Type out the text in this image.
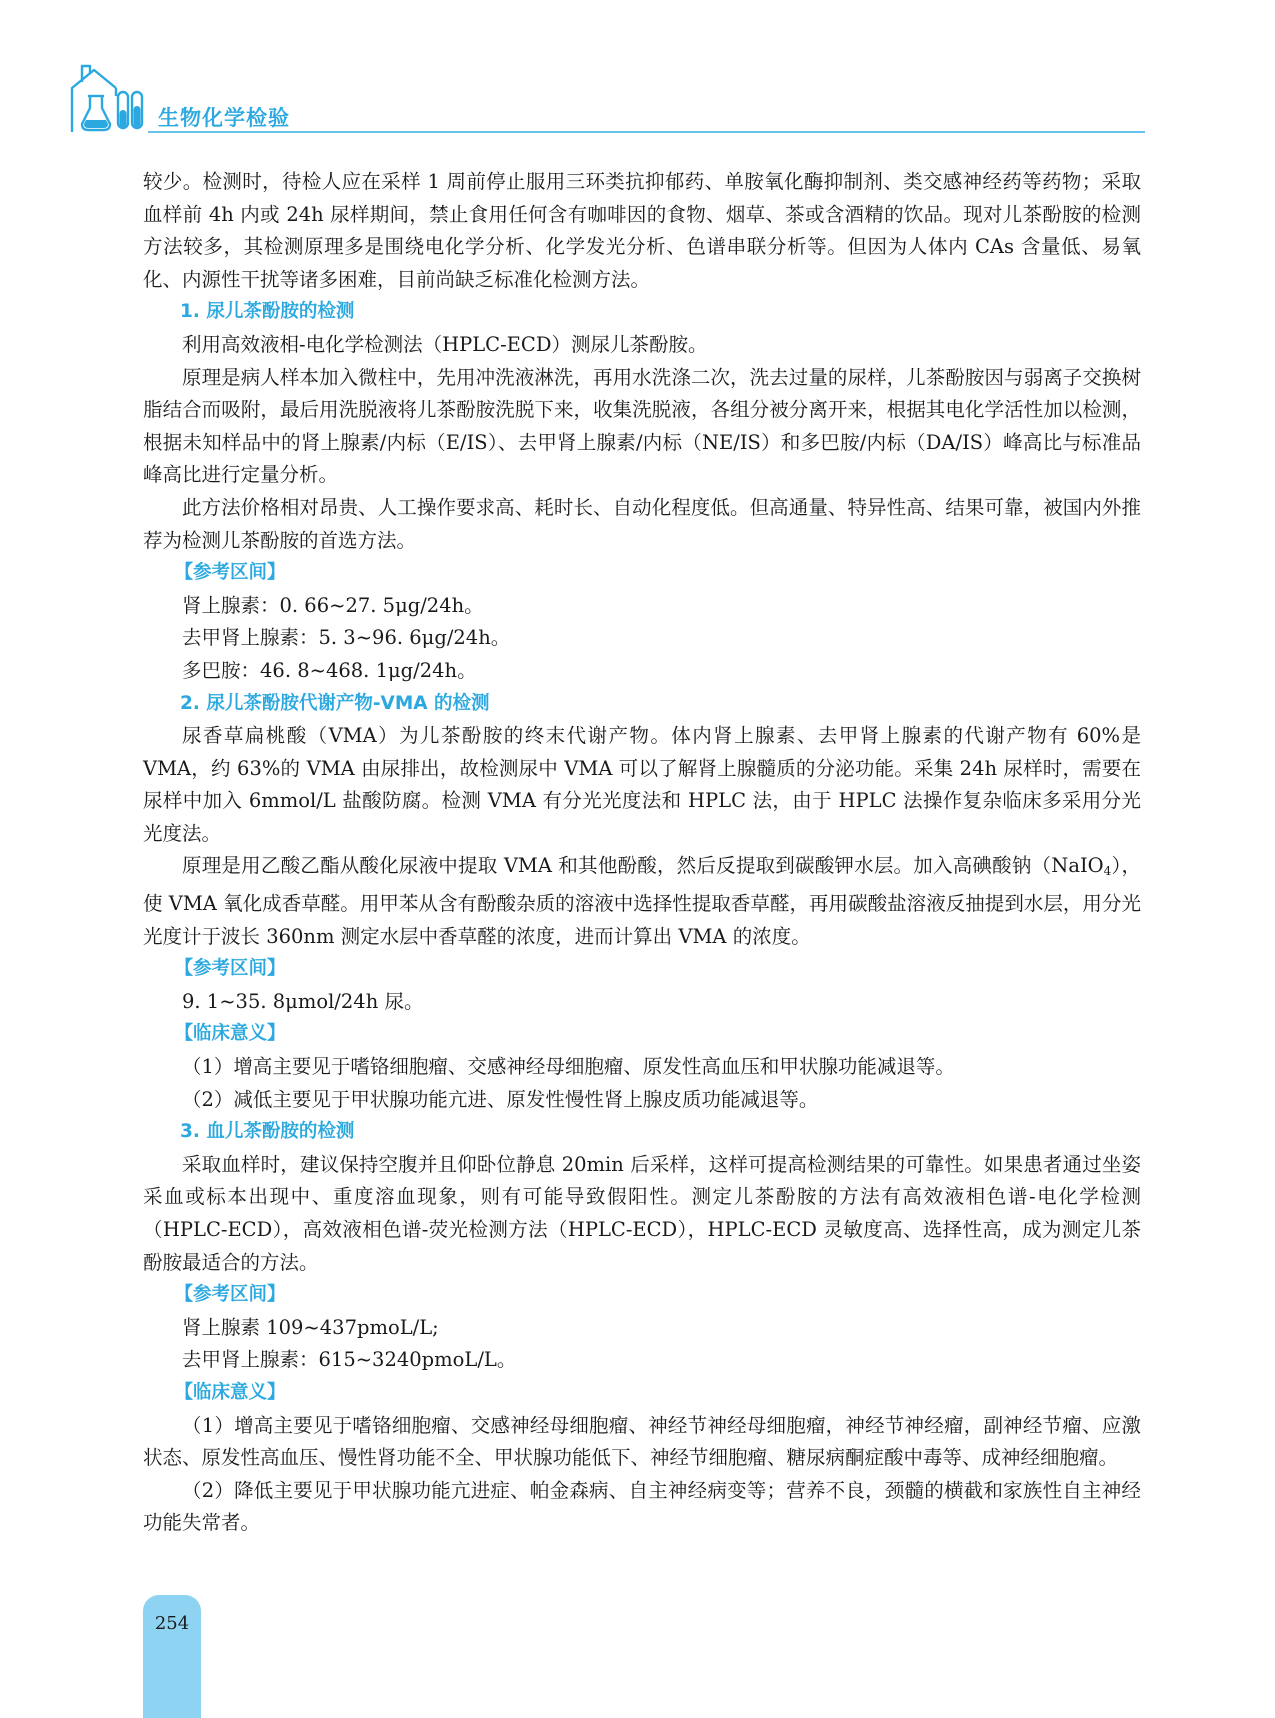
生物化学检验

较少。检测时，待检人应在采样 1 周前停止服用三环类抗抑郁药、单胺氧化酶抑制剂、类交感神经药等药物；采取血样前 4h 内或 24h 尿样期间，禁止食用任何含有咖啡因的食物、烟草、茶或含酒精的饮品。现对儿茶酚胺的检测方法较多，其检测原理多是围绕电化学分析、化学发光分析、色谱串联分析等。但因为人体内 CAs 含量低、易氧化、内源性干扰等诸多困难，目前尚缺乏标准化检测方法。

1. 尿儿茶酚胺的检测

利用高效液相-电化学检测法（HPLC-ECD）测尿儿茶酚胺。

原理是病人样本加入微柱中，先用冲洗液淋洗，再用水洗涤二次，洗去过量的尿样，儿茶酚胺因与弱离子交换树脂结合而吸附，最后用洗脱液将儿茶酚胺洗脱下来，收集洗脱液，各组分被分离开来，根据其电化学活性加以检测，根据未知样品中的肾上腺素/内标（E/IS）、去甲肾上腺素/内标（NE/IS）和多巴胺/内标（DA/IS）峰高比与标准品峰高比进行定量分析。

此方法价格相对昂贵、人工操作要求高、耗时长、自动化程度低。但高通量、特异性高、结果可靠，被国内外推荐为检测儿茶酚胺的首选方法。

【参考区间】

肾上腺素：0. 66~27. 5μg/24h。

去甲肾上腺素：5. 3~96. 6μg/24h。

多巴胺：46. 8~468. 1μg/24h。

2. 尿儿茶酚胺代谢产物-VMA 的检测

尿香草扁桃酸（VMA）为儿茶酚胺的终末代谢产物。体内肾上腺素、去甲肾上腺素的代谢产物有 60%是 VMA，约 63%的 VMA 由尿排出，故检测尿中 VMA 可以了解肾上腺髓质的分泌功能。采集 24h 尿样时，需要在尿样中加入 6mmol/L 盐酸防腐。检测 VMA 有分光光度法和 HPLC 法，由于 HPLC 法操作复杂临床多采用分光光度法。

原理是用乙酸乙酯从酸化尿液中提取 VMA 和其他酚酸，然后反提取到碳酸钾水层。加入高碘酸钠（NaIO$_4$），使 VMA 氧化成香草醛。用甲苯从含有酚酸杂质的溶液中选择性提取香草醛，再用碳酸盐溶液反抽提到水层，用分光光度计于波长 360nm 测定水层中香草醛的浓度，进而计算出 VMA 的浓度。

【参考区间】

9. 1~35. 8μmol/24h 尿。

【临床意义】

（1）增高主要见于嗜铬细胞瘤、交感神经母细胞瘤、原发性高血压和甲状腺功能减退等。

（2）减低主要见于甲状腺功能亢进、原发性慢性肾上腺皮质功能减退等。

3. 血儿茶酚胺的检测

采取血样时，建议保持空腹并且仰卧位静息 20min 后采样，这样可提高检测结果的可靠性。如果患者通过坐姿采血或标本出现中、重度溶血现象，则有可能导致假阳性。测定儿茶酚胺的方法有高效液相色谱-电化学检测（HPLC-ECD），高效液相色谱-荧光检测方法（HPLC-ECD），HPLC-ECD 灵敏度高、选择性高，成为测定儿茶酚胺最适合的方法。

【参考区间】

肾上腺素 109~437pmoL/L;

去甲肾上腺素：615~3240pmoL/L。

【临床意义】

（1）增高主要见于嗜铬细胞瘤、交感神经母细胞瘤、神经节神经母细胞瘤，神经节神经瘤，副神经节瘤、应激状态、原发性高血压、慢性肾功能不全、甲状腺功能低下、神经节细胞瘤、糖尿病酮症酸中毒等、成神经细胞瘤。

（2）降低主要见于甲状腺功能亢进症、帕金森病、自主神经病变等；营养不良，颈髓的横截和家族性自主神经功能失常者。

254
